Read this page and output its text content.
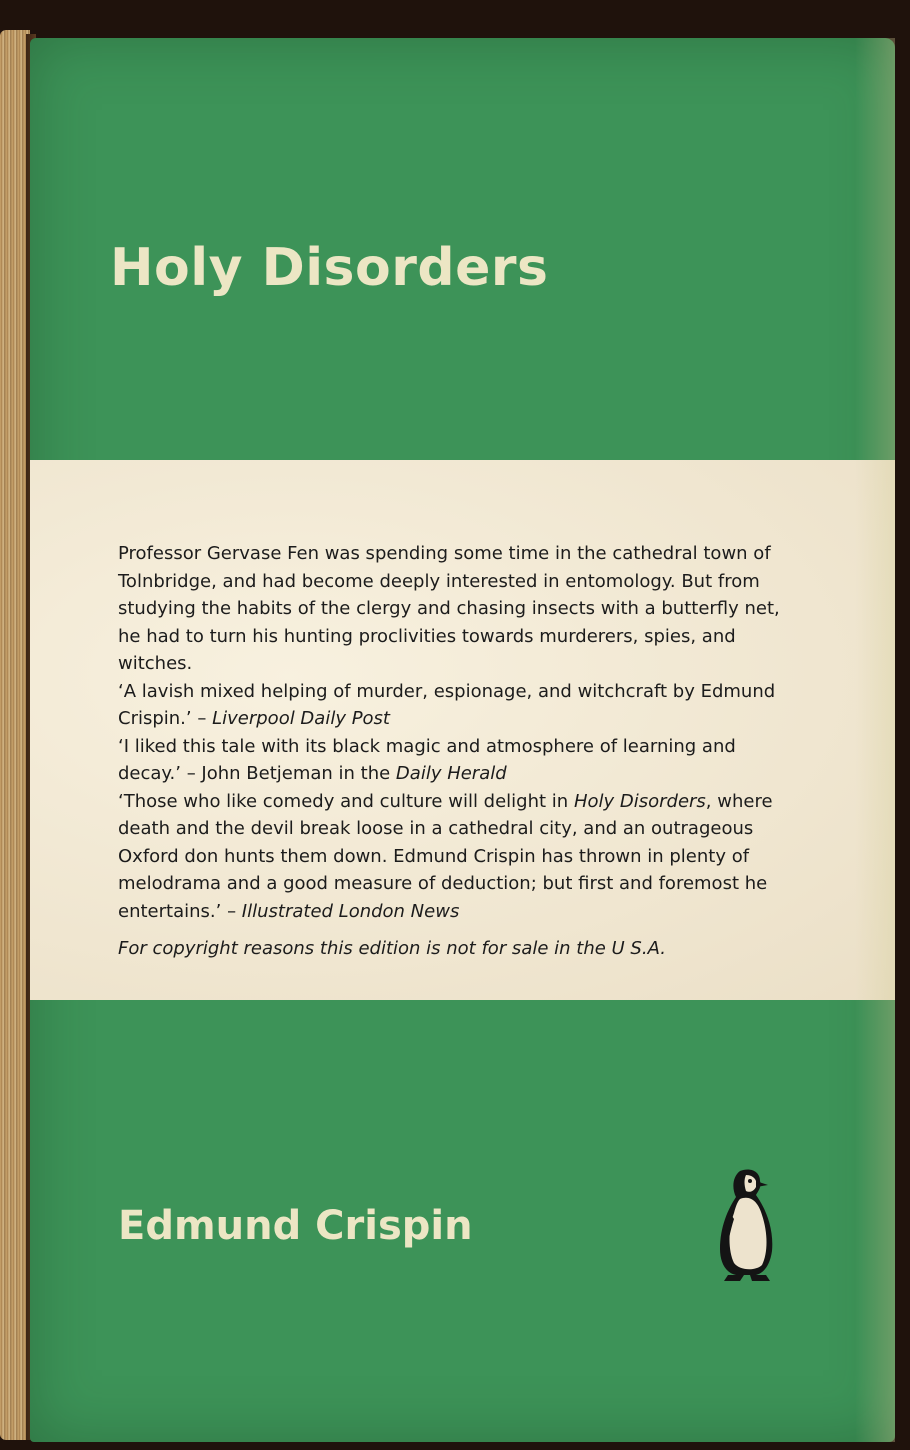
Holy Disorders

Professor Gervase Fen was spending some time in the cathedral town of Tolnbridge, and had become deeply interested in entomology. But from studying the habits of the clergy and chasing insects with a butterfly net, he had to turn his hunting proclivities towards murderers, spies, and witches.

‘A lavish mixed helping of murder, espionage, and witchcraft by Edmund Crispin.’ – Liverpool Daily Post

‘I liked this tale with its black magic and atmosphere of learning and decay.’ – John Betjeman in the Daily Herald

‘Those who like comedy and culture will delight in Holy Disorders, where death and the devil break loose in a cathedral city, and an outrageous Oxford don hunts them down. Edmund Crispin has thrown in plenty of melodrama and a good measure of deduction; but first and foremost he entertains.’ – Illustrated London News

For copyright reasons this edition is not for sale in the U S.A.

Edmund Crispin
